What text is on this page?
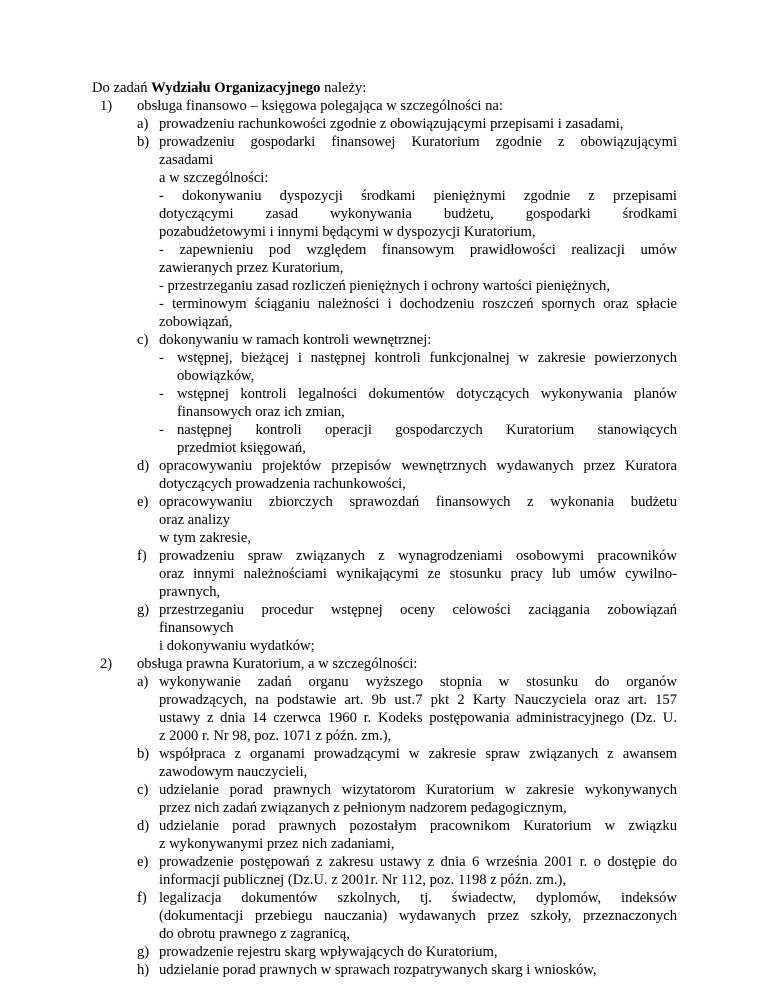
Do zadań Wydziału Organizacyjnego należy:

1) obsługa finansowo – księgowa polegająca w szczególności na:
a) prowadzeniu rachunkowości zgodnie z obowiązującymi przepisami i zasadami,
b) prowadzeniu gospodarki finansowej Kuratorium zgodnie z obowiązującymi
zasadami
a w szczególności:
- dokonywaniu dyspozycji środkami pieniężnymi zgodnie z przepisami
dotyczącymi zasad wykonywania budżetu, gospodarki środkami
pozabudżetowymi i innymi będącymi w dyspozycji Kuratorium,
- zapewnieniu pod względem finansowym prawidłowości realizacji umów
zawieranych przez Kuratorium,
- przestrzeganiu zasad rozliczeń pieniężnych i ochrony wartości pieniężnych,
- terminowym ściąganiu należności i dochodzeniu roszczeń spornych oraz spłacie
zobowiązań,
c) dokonywaniu w ramach kontroli wewnętrznej:
- wstępnej, bieżącej i następnej kontroli funkcjonalnej w zakresie powierzonych
obowiązków,
- wstępnej kontroli legalności dokumentów dotyczących wykonywania planów
finansowych oraz ich zmian,
- następnej kontroli operacji gospodarczych Kuratorium stanowiących
przedmiot księgowań,
d) opracowywaniu projektów przepisów wewnętrznych wydawanych przez Kuratora
dotyczących prowadzenia rachunkowości,
e) opracowywaniu zbiorczych sprawozdań finansowych z wykonania budżetu
oraz analizy
w tym zakresie,
f) prowadzeniu spraw związanych z wynagrodzeniami osobowymi pracowników
oraz innymi należnościami wynikającymi ze stosunku pracy lub umów cywilno-
prawnych,
g) przestrzeganiu procedur wstępnej oceny celowości zaciągania zobowiązań
finansowych
i dokonywaniu wydatków;
2) obsługa prawna Kuratorium, a w szczególności:
a) wykonywanie zadań organu wyższego stopnia w stosunku do organów
prowadzących, na podstawie art. 9b ust.7 pkt 2 Karty Nauczyciela oraz art. 157
ustawy z dnia 14 czerwca 1960 r. Kodeks postępowania administracyjnego (Dz. U.
z 2000 r. Nr 98, poz. 1071 z późn. zm.),
b) współpraca z organami prowadzącymi w zakresie spraw związanych z awansem
zawodowym nauczycieli,
c) udzielanie porad prawnych wizytatorom Kuratorium w zakresie wykonywanych
przez nich zadań związanych z pełnionym nadzorem pedagogicznym,
d) udzielanie porad prawnych pozostałym pracownikom Kuratorium w związku
z wykonywanymi przez nich zadaniami,
e) prowadzenie postępowań z zakresu ustawy z dnia 6 września 2001 r. o dostępie do
informacji publicznej (Dz.U. z 2001r. Nr 112, poz. 1198 z późn. zm.),
f) legalizacja dokumentów szkolnych, tj. świadectw, dyplomów, indeksów
(dokumentacji przebiegu nauczania) wydawanych przez szkoły, przeznaczonych
do obrotu prawnego z zagranicą,
g) prowadzenie rejestru skarg wpływających do Kuratorium,
h) udzielanie porad prawnych w sprawach rozpatrywanych skarg i wniosków,
